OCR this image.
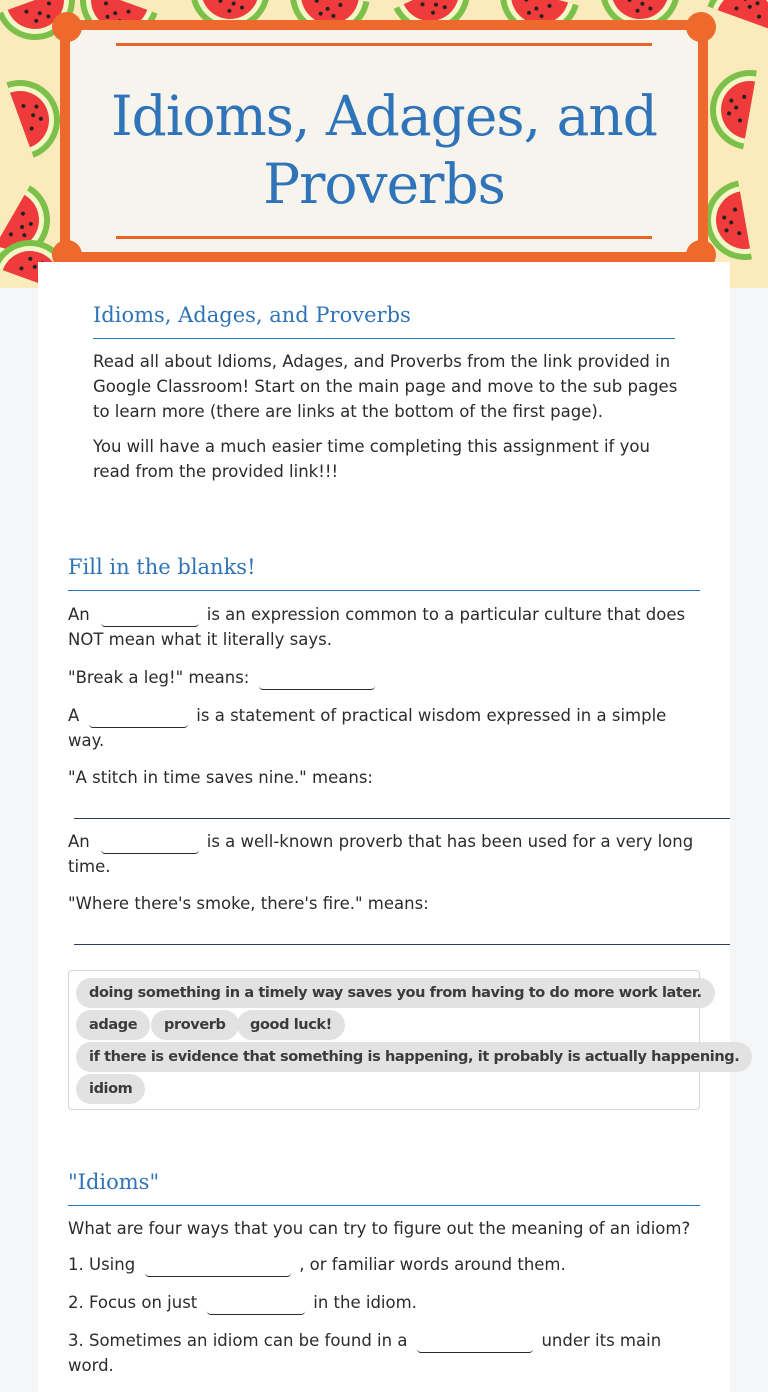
Idioms, Adages, and
Proverbs
Idioms, Adages, and Proverbs

Read all about Idioms, Adages, and Proverbs from the link provided in
Google Classroom! Start on the main page and move to the sub pages
to learn more (there are links at the bottom of the first page).

You will have a much easier time completing this assignment if you
read from the provided link!!!

Fill in the blanks!

An	is an expression common to a particular culture that does
NOT mean what it literally says.

"Break a leg!" means:

A	is a statement of practical wisdom expressed in a simple
way.

"A stitch in time saves nine." means:

An	is a well-known proverb that has been used for a very long
time.

"Where there's smoke, there's fire." means:

doing something in a timely way saves you from having to do more work later.
adage	proverb	good luck!
if there is evidence that something is happening, it probably is actually happening.
idiom
"Idioms"

What are four ways that you can try to figure out the meaning of an idiom?

1. Using	, or familiar words around them.

2. Focus on just	in the idiom.

3. Sometimes an idiom can be found in a	under its main
word.
